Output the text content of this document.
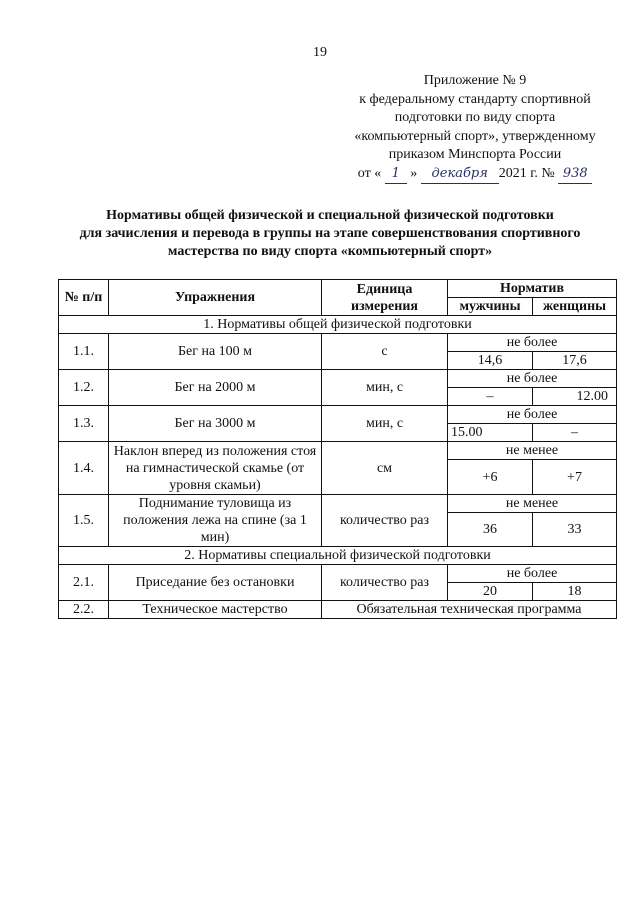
19
Приложение № 9
к федеральному стандарту спортивной
подготовки по виду спорта
«компьютерный спорт», утвержденному
приказом Минспорта России
от « 1 » декабря 2021 г. № 938
Нормативы общей физической и специальной физической подготовки
для зачисления и перевода в группы на этапе совершенствования спортивного
мастерства по виду спорта «компьютерный спорт»
№ п/п	Упражнения	Единица измерения	Норматив	
			мужчины	женщины
1. Нормативы общей физической подготовки				
1.1.	Бег на 100 м	с	не более	
			14,6	17,6
1.2.	Бег на 2000 м	мин, с	не более	
			–	12.00
1.3.	Бег на 3000 м	мин, с	не более	
			15.00	–
1.4.	Наклон вперед из положения стоя на гимнастической скамье (от уровня скамьи)	см	не менее	
			+6	+7
1.5.	Поднимание туловища из положения лежа на спине (за 1 мин)	количество раз	не менее	
			36	33
2. Нормативы специальной физической подготовки				
2.1.	Приседание без остановки	количество раз	не более	
			20	18
2.2.	Техническое мастерство	Обязательная техническая программа		
